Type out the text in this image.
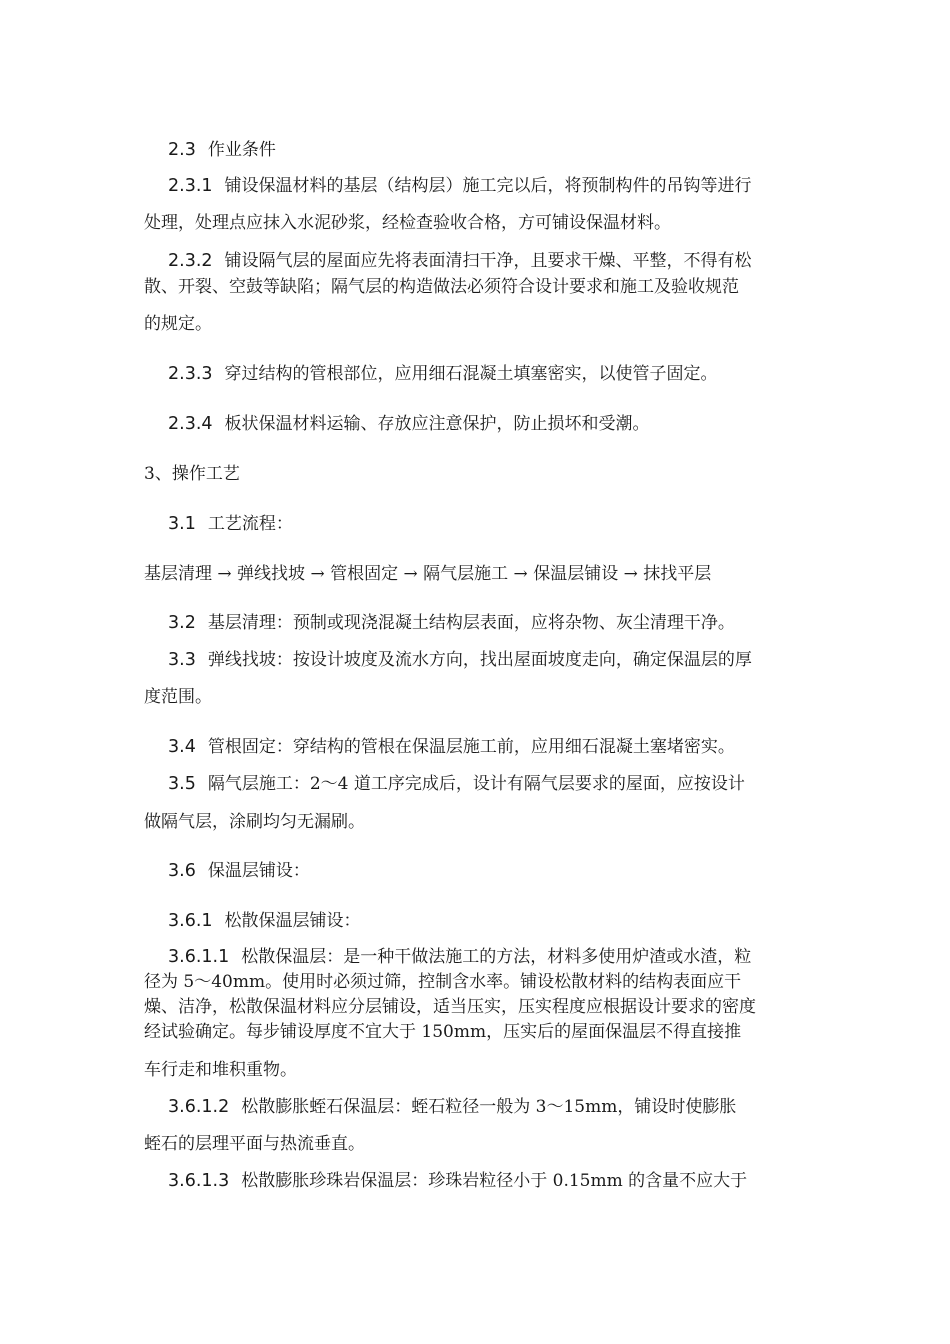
2.3 作业条件

2.3.1 铺设保温材料的基层（结构层）施工完以后，将预制构件的吊钩等进行

处理，处理点应抹入水泥砂浆，经检查验收合格，方可铺设保温材料。

2.3.2 铺设隔气层的屋面应先将表面清扫干净，且要求干燥、平整，不得有松

散、开裂、空鼓等缺陷；隔气层的构造做法必须符合设计要求和施工及验收规范

的规定。

2.3.3 穿过结构的管根部位，应用细石混凝土填塞密实，以使管子固定。

2.3.4 板状保温材料运输、存放应注意保护，防止损坏和受潮。

3、操作工艺

3.1 工艺流程：

基层清理 → 弹线找坡 → 管根固定 → 隔气层施工 → 保温层铺设 → 抹找平层

3.2 基层清理：预制或现浇混凝土结构层表面，应将杂物、灰尘清理干净。

3.3 弹线找坡：按设计坡度及流水方向，找出屋面坡度走向，确定保温层的厚

度范围。

3.4 管根固定：穿结构的管根在保温层施工前，应用细石混凝土塞堵密实。

3.5 隔气层施工：2～4 道工序完成后，设计有隔气层要求的屋面，应按设计

做隔气层，涂刷均匀无漏刷。

3.6 保温层铺设：

3.6.1 松散保温层铺设：

3.6.1.1 松散保温层：是一种干做法施工的方法，材料多使用炉渣或水渣，粒

径为 5～40mm。使用时必须过筛，控制含水率。铺设松散材料的结构表面应干

燥、洁净，松散保温材料应分层铺设，适当压实，压实程度应根据设计要求的密度

经试验确定。每步铺设厚度不宜大于 150mm，压实后的屋面保温层不得直接推

车行走和堆积重物。

3.6.1.2 松散膨胀蛭石保温层：蛭石粒径一般为 3～15mm，铺设时使膨胀

蛭石的层理平面与热流垂直。

3.6.1.3 松散膨胀珍珠岩保温层：珍珠岩粒径小于 0.15mm 的含量不应大于
